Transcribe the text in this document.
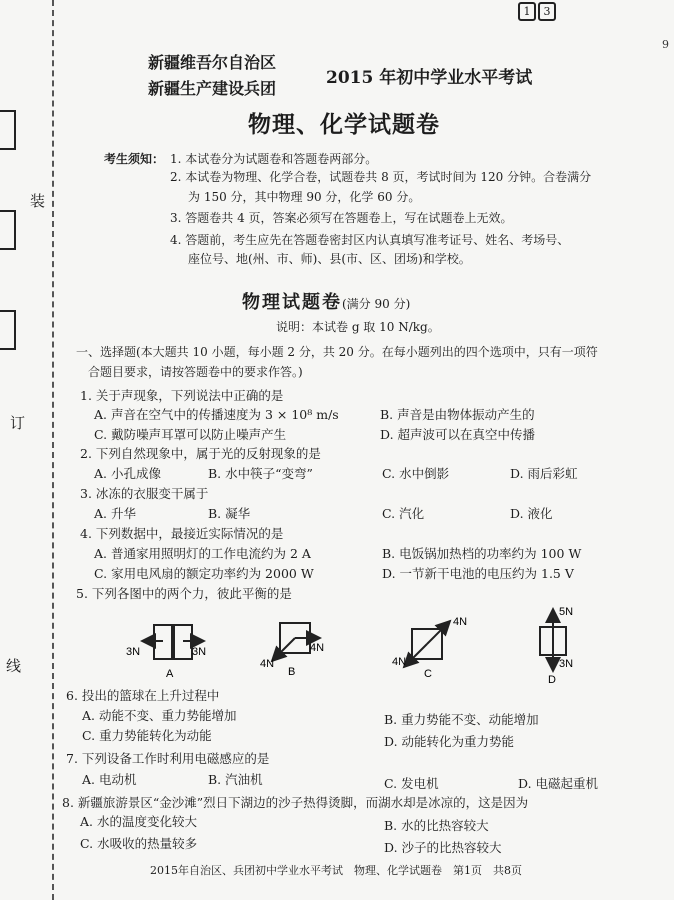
装
订
线
9
1 3
新疆维吾尔自治区
新疆生产建设兵团
2015 年初中学业水平考试
物理、化学试题卷
考生须知： 1. 本试卷分为试题卷和答题卷两部分。
2. 本试卷为物理、化学合卷，试题卷共 8 页，考试时间为 120 分钟。合卷满分
为 150 分，其中物理 90 分，化学 60 分。
3. 答题卷共 4 页，答案必须写在答题卷上，写在试题卷上无效。
4. 答题前，考生应先在答题卷密封区内认真填写准考证号、姓名、考场号、
座位号、地(州、市、师)、县(市、区、团场)和学校。
物理试题卷(满分 90 分)
说明：本试卷 g 取 10 N/kg。
一、选择题(本大题共 10 小题，每小题 2 分，共 20 分。在每小题列出的四个选项中，只有一项符
合题目要求，请按答题卷中的要求作答。)
1. 关于声现象，下列说法中正确的是
A. 声音在空气中的传播速度为 3 × 10⁸ m/s	B. 声音是由物体振动产生的
C. 戴防噪声耳罩可以防止噪声产生	D. 超声波可以在真空中传播
2. 下列自然现象中，属于光的反射现象的是
A. 小孔成像	B. 水中筷子“变弯”	C. 水中倒影	D. 雨后彩虹
3. 冰冻的衣服变干属于
A. 升华	B. 凝华	C. 汽化	D. 液化
4. 下列数据中，最接近实际情况的是
A. 普通家用照明灯的工作电流约为 2 A	B. 电饭锅加热档的功率约为 100 W
C. 家用电风扇的额定功率约为 2000 W	D. 一节新干电池的电压约为 1.5 V
5. 下列各图中的两个力，彼此平衡的是
3N	3N
A
4N
4N
B
4N
4N
C
5N
3N
D
6. 投出的篮球在上升过程中
A. 动能不变、重力势能增加	B. 重力势能不变、动能增加
C. 重力势能转化为动能	D. 动能转化为重力势能
7. 下列设备工作时利用电磁感应的是
A. 电动机	B. 汽油机	C. 发电机	D. 电磁起重机
8. 新疆旅游景区“金沙滩”烈日下湖边的沙子热得烫脚，而湖水却是冰凉的，这是因为
A. 水的温度变化较大	B. 水的比热容较大
C. 水吸收的热量较多	D. 沙子的比热容较大
2015年自治区、兵团初中学业水平考试　物理、化学试题卷　第1页　共8页
